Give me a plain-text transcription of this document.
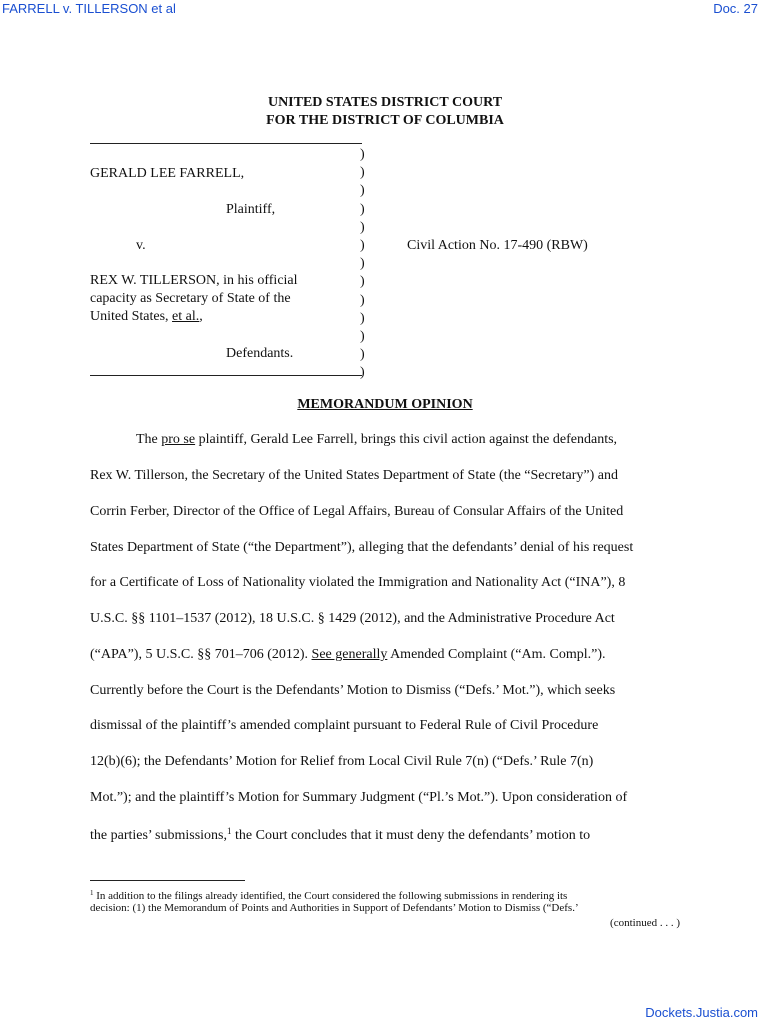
FARRELL v. TILLERSON et al	Doc. 27
UNITED STATES DISTRICT COURT
FOR THE DISTRICT OF COLUMBIA
)
)
)
)
)
)
)
)
)
)
)
)
)
GERALD LEE FARRELL,
Plaintiff,
v.	Civil Action No. 17-490 (RBW)
REX W. TILLERSON, in his official
capacity as Secretary of State of the
United States, et al.,
Defendants.
MEMORANDUM OPINION
The pro se plaintiff, Gerald Lee Farrell, brings this civil action against the defendants,
Rex W. Tillerson, the Secretary of the United States Department of State (the “Secretary”) and
Corrin Ferber, Director of the Office of Legal Affairs, Bureau of Consular Affairs of the United
States Department of State (“the Department”), alleging that the defendants’ denial of his request
for a Certificate of Loss of Nationality violated the Immigration and Nationality Act (“INA”), 8
U.S.C. §§ 1101–1537 (2012), 18 U.S.C. § 1429 (2012), and the Administrative Procedure Act
(“APA”), 5 U.S.C. §§ 701–706 (2012). See generally Amended Complaint (“Am. Compl.”).
Currently before the Court is the Defendants’ Motion to Dismiss (“Defs.’ Mot.”), which seeks
dismissal of the plaintiff’s amended complaint pursuant to Federal Rule of Civil Procedure
12(b)(6); the Defendants’ Motion for Relief from Local Civil Rule 7(n) (“Defs.’ Rule 7(n)
Mot.”); and the plaintiff’s Motion for Summary Judgment (“Pl.’s Mot.”). Upon consideration of
the parties’ submissions,$^1$ the Court concludes that it must deny the defendants’ motion to
$^1$ In addition to the filings already identified, the Court considered the following submissions in rendering its
decision: (1) the Memorandum of Points and Authorities in Support of Defendants’ Motion to Dismiss (“Defs.’
(continued . . . )
Dockets.Justia.com
